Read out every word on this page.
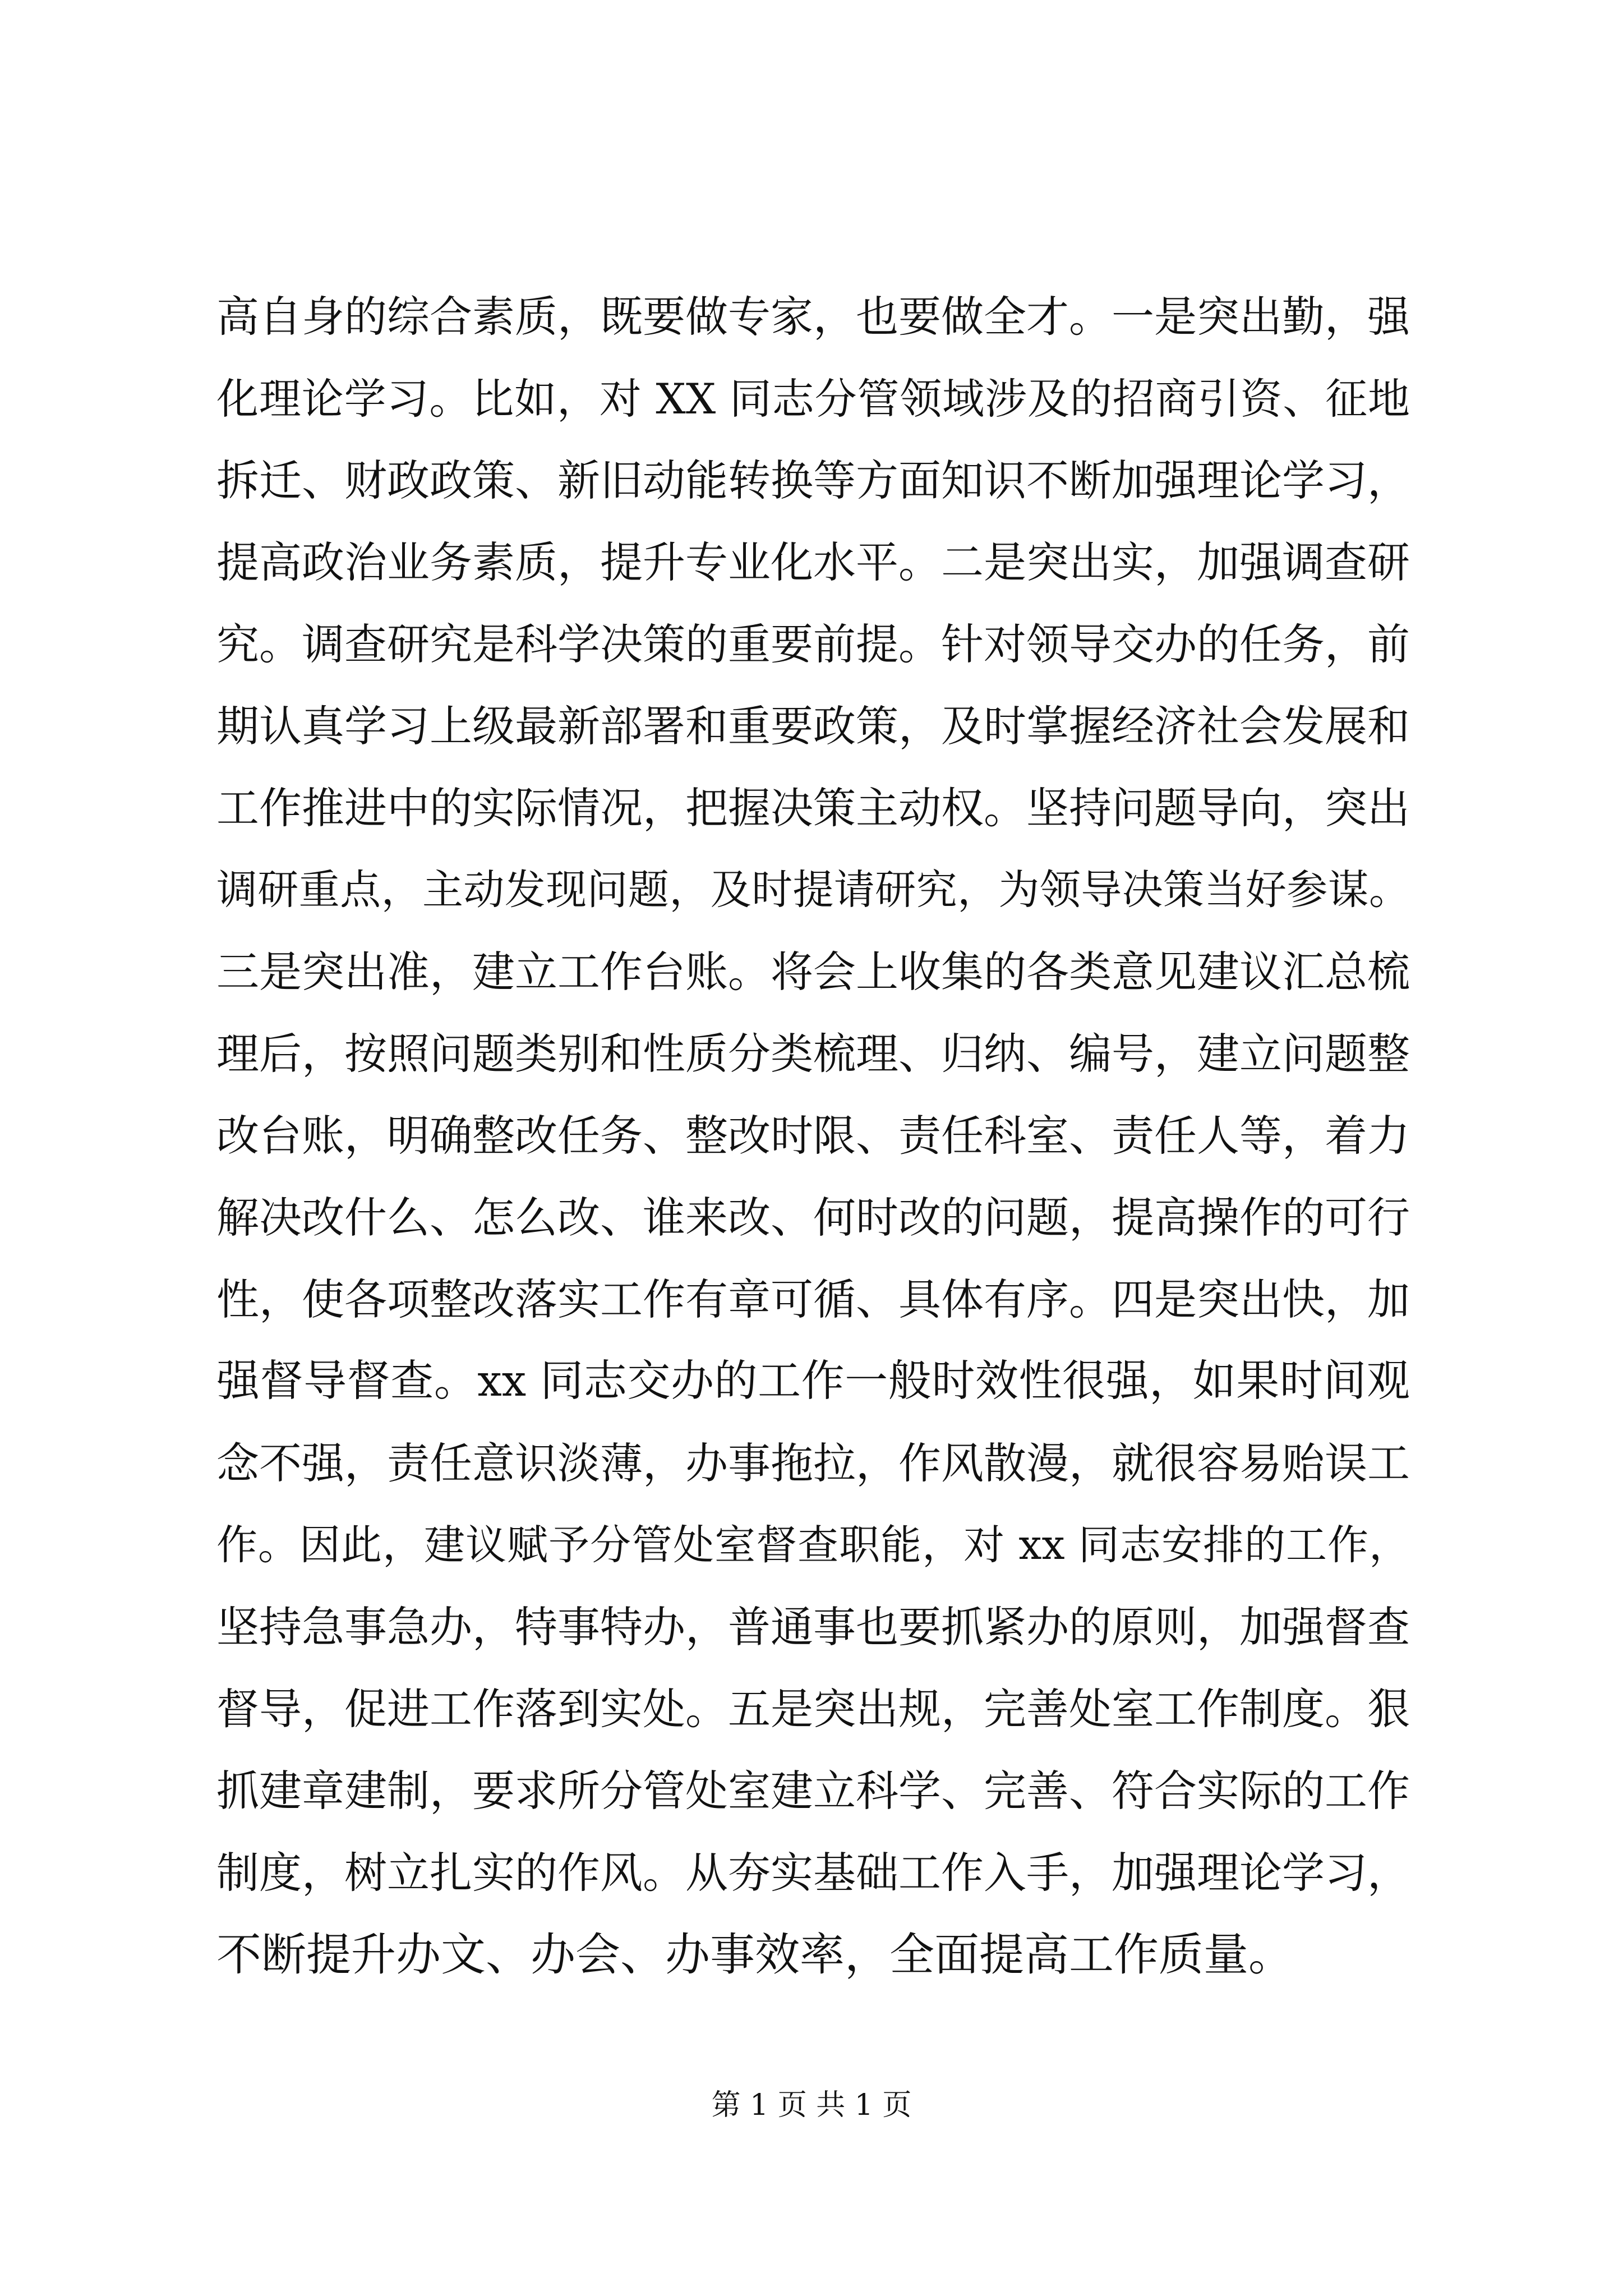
高自身的综合素质，既要做专家，也要做全才。一是突出勤，强
化理论学习。比如，对 XX 同志分管领域涉及的招商引资、征地
拆迁、财政政策、新旧动能转换等方面知识不断加强理论学习，
提高政治业务素质，提升专业化水平。二是突出实，加强调查研
究。调查研究是科学决策的重要前提。针对领导交办的任务，前
期认真学习上级最新部署和重要政策，及时掌握经济社会发展和
工作推进中的实际情况，把握决策主动权。坚持问题导向，突出
调研重点，主动发现问题，及时提请研究，为领导决策当好参谋。
三是突出准，建立工作台账。将会上收集的各类意见建议汇总梳
理后，按照问题类别和性质分类梳理、归纳、编号，建立问题整
改台账，明确整改任务、整改时限、责任科室、责任人等，着力
解决改什么、怎么改、谁来改、何时改的问题，提高操作的可行
性，使各项整改落实工作有章可循、具体有序。四是突出快，加
强督导督查。xx 同志交办的工作一般时效性很强，如果时间观
念不强，责任意识淡薄，办事拖拉，作风散漫，就很容易贻误工
作。因此，建议赋予分管处室督查职能，对 xx 同志安排的工作，
坚持急事急办，特事特办，普通事也要抓紧办的原则，加强督查
督导，促进工作落到实处。五是突出规，完善处室工作制度。狠
抓建章建制，要求所分管处室建立科学、完善、符合实际的工作
制度，树立扎实的作风。从夯实基础工作入手，加强理论学习，
不断提升办文、办会、办事效率，全面提高工作质量。
第 1 页 共 1 页
